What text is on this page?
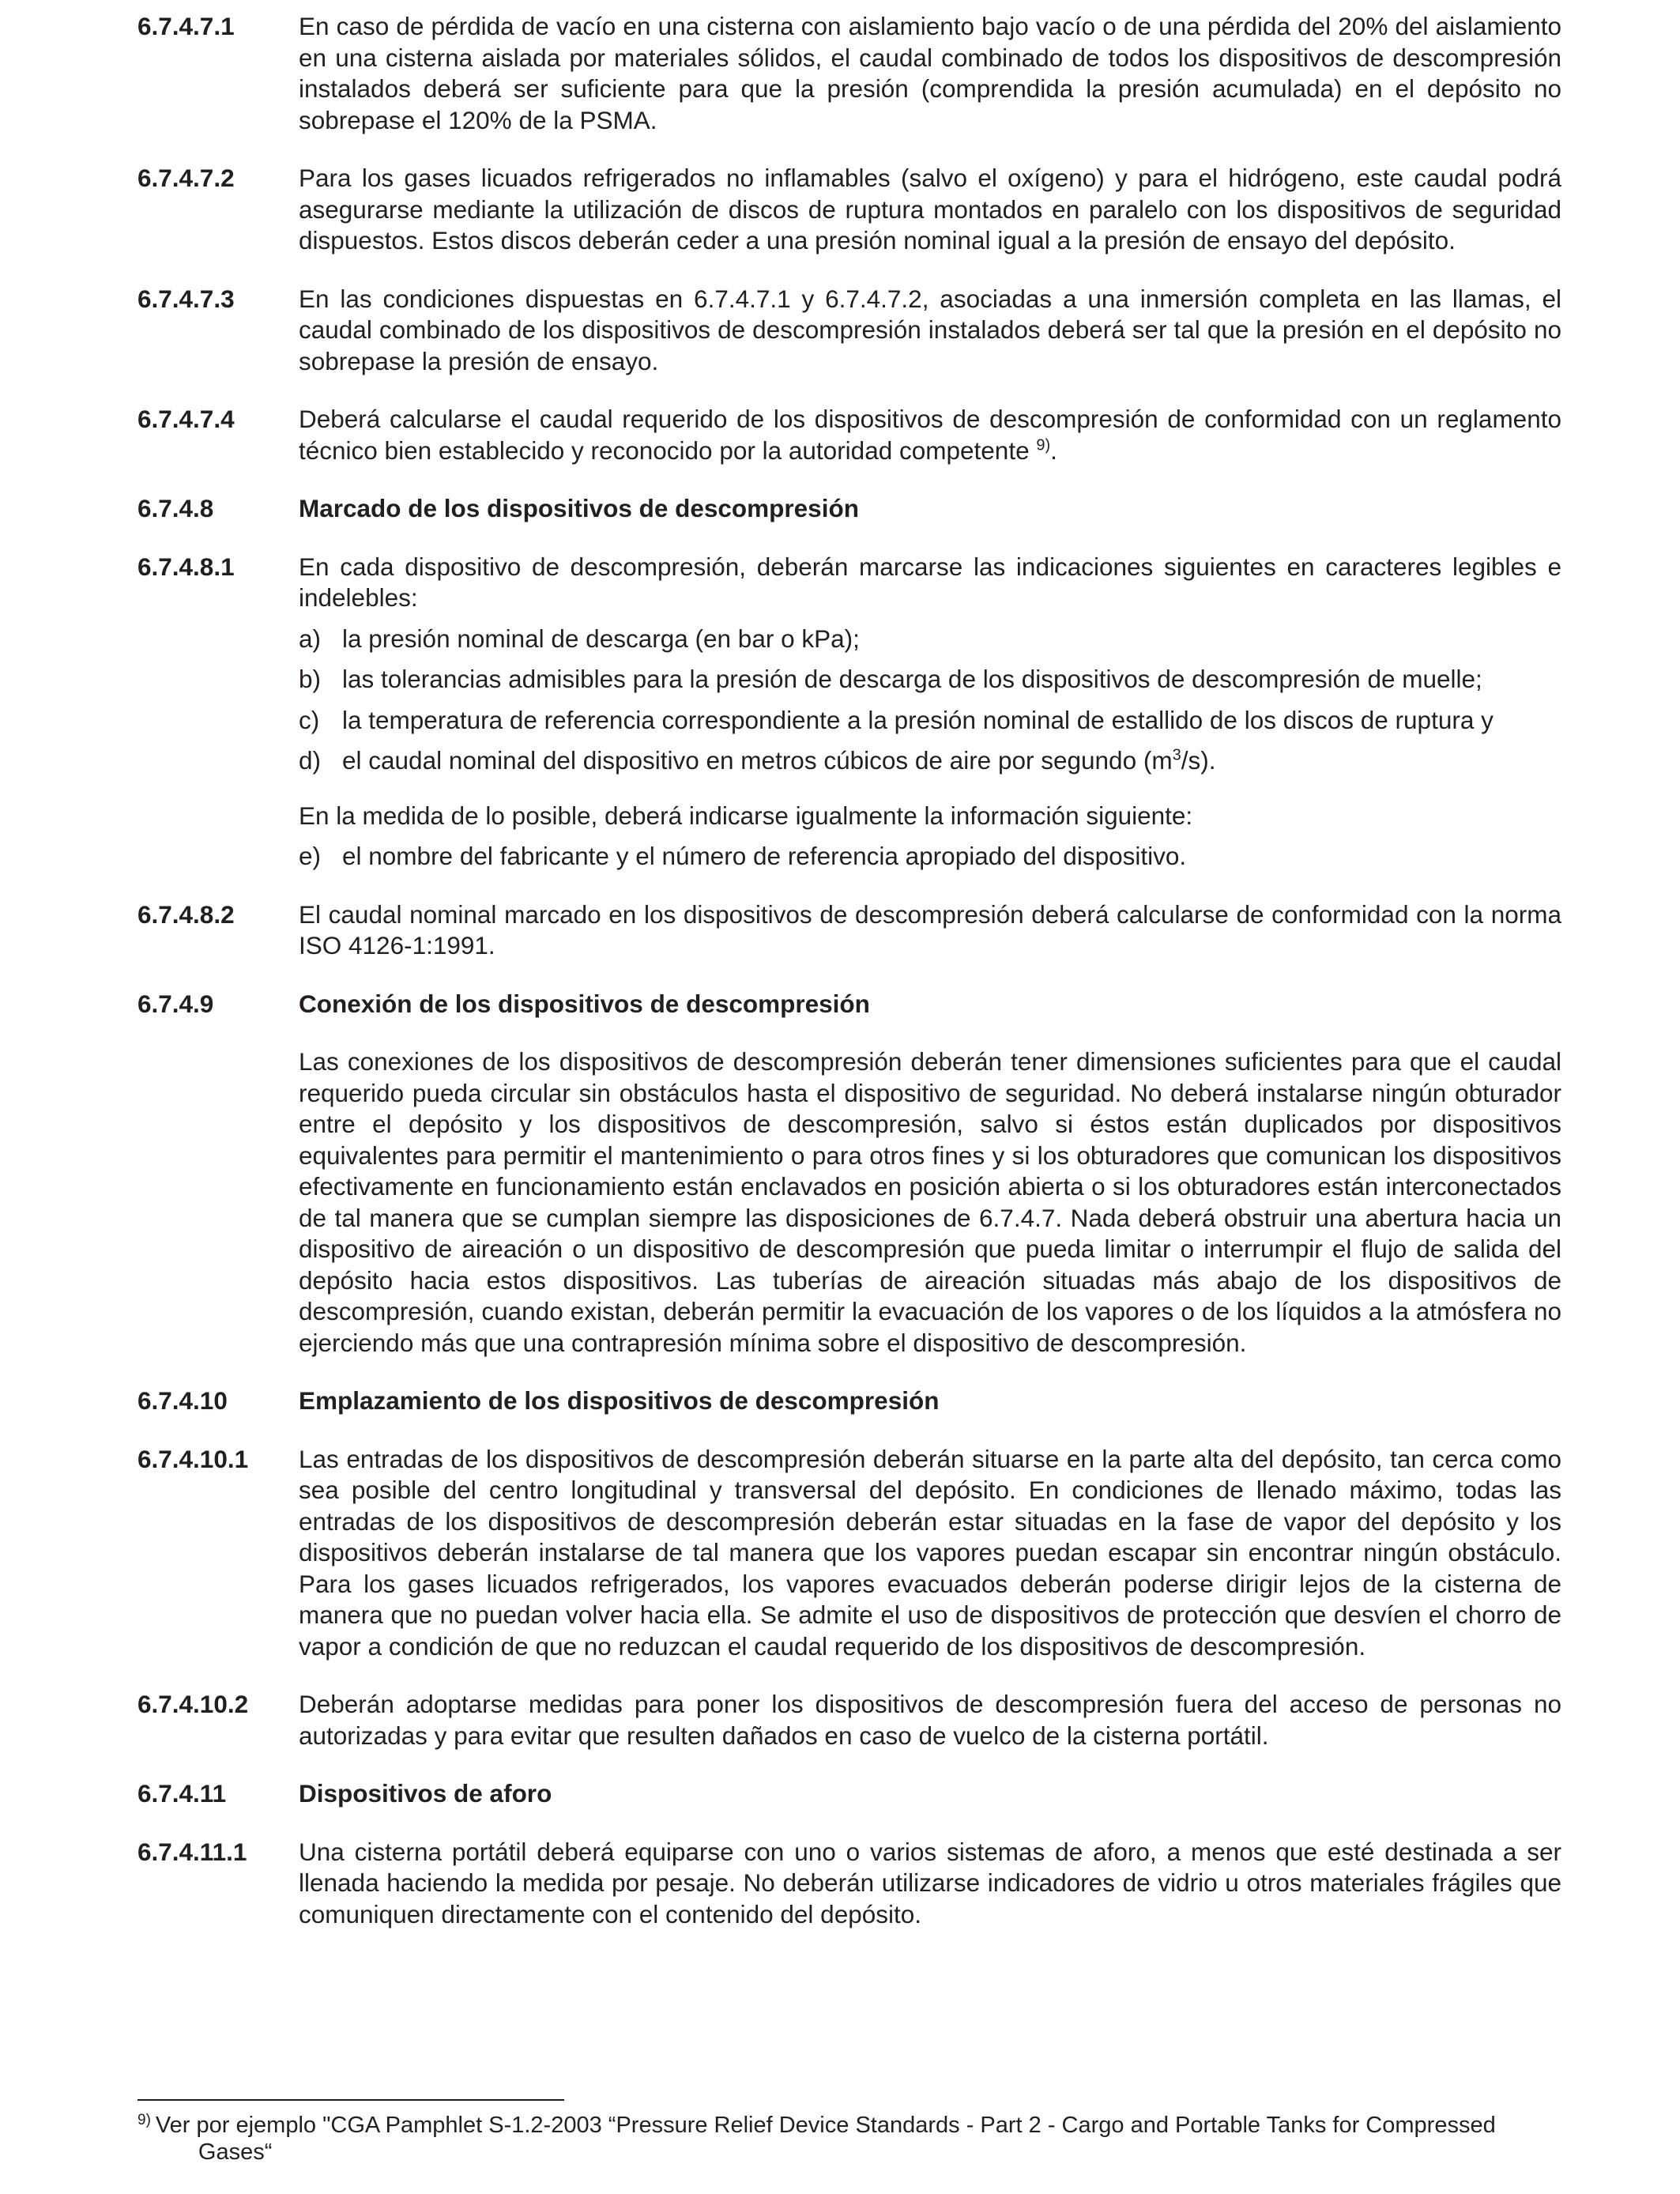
6.7.4.7.1	En caso de pérdida de vacío en una cisterna con aislamiento bajo vacío o de una pérdida del 20% del aislamiento en una cisterna aislada por materiales sólidos, el caudal combinado de todos los dispositivos de descompresión instalados deberá ser suficiente para que la presión (comprendida la presión acumulada) en el depósito no sobrepase el 120% de la PSMA.
6.7.4.7.2	Para los gases licuados refrigerados no inflamables (salvo el oxígeno) y para el hidrógeno, este caudal podrá asegurarse mediante la utilización de discos de ruptura montados en paralelo con los dispositivos de seguridad dispuestos. Estos discos deberán ceder a una presión nominal igual a la presión de ensayo del depósito.
6.7.4.7.3	En las condiciones dispuestas en 6.7.4.7.1 y 6.7.4.7.2, asociadas a una inmersión completa en las llamas, el caudal combinado de los dispositivos de descompresión instalados deberá ser tal que la presión en el depósito no sobrepase la presión de ensayo.
6.7.4.7.4	Deberá calcularse el caudal requerido de los dispositivos de descompresión de conformidad con un reglamento técnico bien establecido y reconocido por la autoridad competente $^{9)}$.
6.7.4.8	Marcado de los dispositivos de descompresión
6.7.4.8.1	En cada dispositivo de descompresión, deberán marcarse las indicaciones siguientes en caracteres legibles e indelebles:
a) la presión nominal de descarga (en bar o kPa);
b) las tolerancias admisibles para la presión de descarga de los dispositivos de descompresión de muelle;
c) la temperatura de referencia correspondiente a la presión nominal de estallido de los discos de ruptura y
d) el caudal nominal del dispositivo en metros cúbicos de aire por segundo $(m^3/s)$.
En la medida de lo posible, deberá indicarse igualmente la información siguiente:
e) el nombre del fabricante y el número de referencia apropiado del dispositivo.
6.7.4.8.2	El caudal nominal marcado en los dispositivos de descompresión deberá calcularse de conformidad con la norma ISO 4126-1:1991.
6.7.4.9	Conexión de los dispositivos de descompresión
Las conexiones de los dispositivos de descompresión deberán tener dimensiones suficientes para que el caudal requerido pueda circular sin obstáculos hasta el dispositivo de seguridad. No deberá instalarse ningún obturador entre el depósito y los dispositivos de descompresión, salvo si éstos están duplicados por dispositivos equivalentes para permitir el mantenimiento o para otros fines y si los obturadores que comunican los dispositivos efectivamente en funcionamiento están enclavados en posición abierta o si los obturadores están interconectados de tal manera que se cumplan siempre las disposiciones de 6.7.4.7. Nada deberá obstruir una abertura hacia un dispositivo de aireación o un dispositivo de descompresión que pueda limitar o interrumpir el flujo de salida del depósito hacia estos dispositivos. Las tuberías de aireación situadas más abajo de los dispositivos de descompresión, cuando existan, deberán permitir la evacuación de los vapores o de los líquidos a la atmósfera no ejerciendo más que una contrapresión mínima sobre el dispositivo de descompresión.
6.7.4.10	Emplazamiento de los dispositivos de descompresión
6.7.4.10.1	Las entradas de los dispositivos de descompresión deberán situarse en la parte alta del depósito, tan cerca como sea posible del centro longitudinal y transversal del depósito. En condiciones de llenado máximo, todas las entradas de los dispositivos de descompresión deberán estar situadas en la fase de vapor del depósito y los dispositivos deberán instalarse de tal manera que los vapores puedan escapar sin encontrar ningún obstáculo. Para los gases licuados refrigerados, los vapores evacuados deberán poderse dirigir lejos de la cisterna de manera que no puedan volver hacia ella. Se admite el uso de dispositivos de protección que desvíen el chorro de vapor a condición de que no reduzcan el caudal requerido de los dispositivos de descompresión.
6.7.4.10.2	Deberán adoptarse medidas para poner los dispositivos de descompresión fuera del acceso de personas no autorizadas y para evitar que resulten dañados en caso de vuelco de la cisterna portátil.
6.7.4.11	Dispositivos de aforo
6.7.4.11.1	Una cisterna portátil deberá equiparse con uno o varios sistemas de aforo, a menos que esté destinada a ser llenada haciendo la medida por pesaje. No deberán utilizarse indicadores de vidrio u otros materiales frágiles que comuniquen directamente con el contenido del depósito.
9) Ver por ejemplo "CGA Pamphlet S-1.2-2003 “Pressure Relief Device Standards - Part 2 - Cargo and Portable Tanks for Compressed
Gases“
